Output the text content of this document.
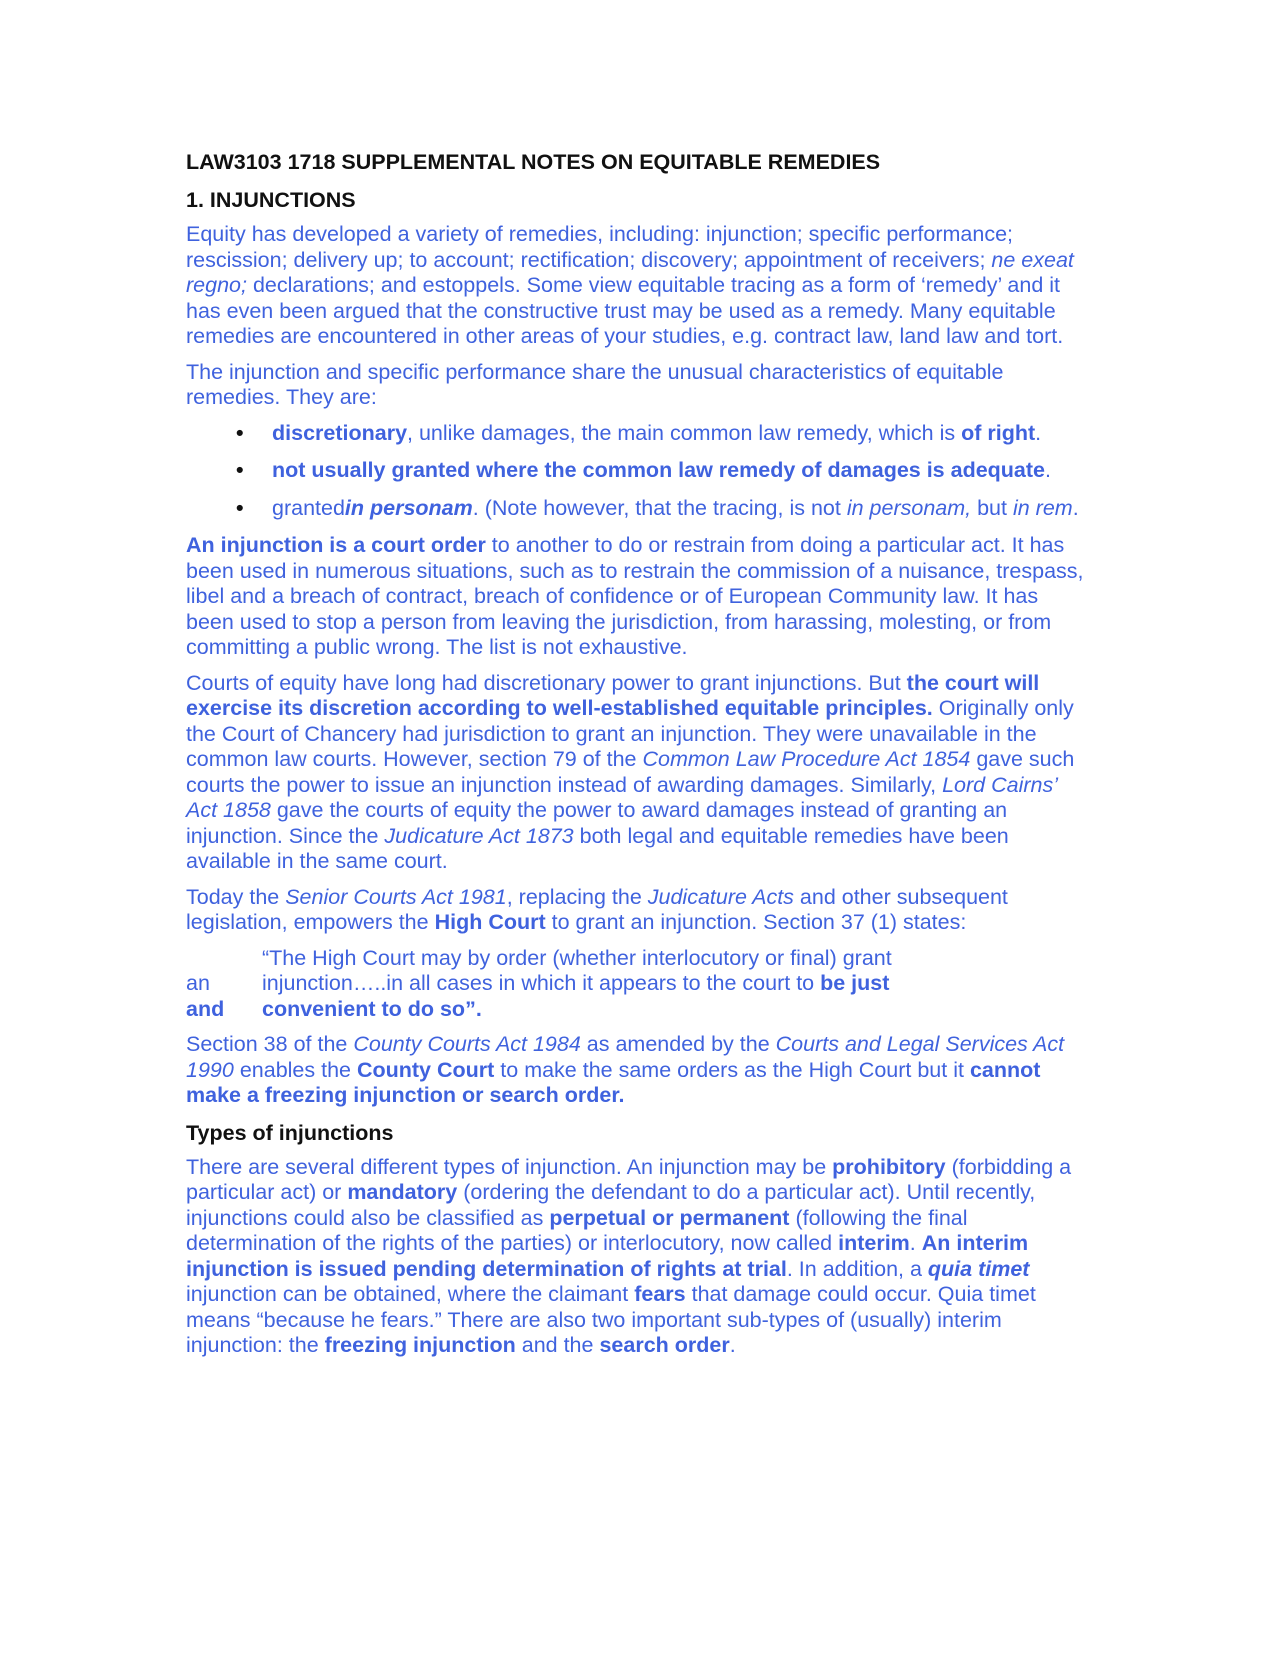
LAW3103 1718 SUPPLEMENTAL NOTES ON EQUITABLE REMEDIES
1. INJUNCTIONS

Equity has developed a variety of remedies, including: injunction; specific performance; rescission; delivery up; to account; rectification; discovery; appointment of receivers; ne exeat regno; declarations; and estoppels. Some view equitable tracing as a form of ‘remedy’ and it has even been argued that the constructive trust may be used as a remedy. Many equitable remedies are encountered in other areas of your studies, e.g. contract law, land law and tort.

The injunction and specific performance share the unusual characteristics of equitable remedies. They are:

• discretionary, unlike damages, the main common law remedy, which is of right.
• not usually granted where the common law remedy of damages is adequate.
• grantedin personam. (Note however, that the tracing, is not in personam, but in rem.

An injunction is a court order to another to do or restrain from doing a particular act. It has been used in numerous situations, such as to restrain the commission of a nuisance, trespass, libel and a breach of contract, breach of confidence or of European Community law. It has been used to stop a person from leaving the jurisdiction, from harassing, molesting, or from committing a public wrong. The list is not exhaustive.

Courts of equity have long had discretionary power to grant injunctions. But the court will exercise its discretion according to well-established equitable principles. Originally only the Court of Chancery had jurisdiction to grant an injunction. They were unavailable in the common law courts. However, section 79 of the Common Law Procedure Act 1854 gave such courts the power to issue an injunction instead of awarding damages. Similarly, Lord Cairns’ Act 1858 gave the courts of equity the power to award damages instead of granting an injunction. Since the Judicature Act 1873 both legal and equitable remedies have been available in the same court.

Today the Senior Courts Act 1981, replacing the Judicature Acts and other subsequent legislation, empowers the High Court to grant an injunction. Section 37 (1) states:

“The High Court may by order (whether interlocutory or final) grant
an injunction…..in all cases in which it appears to the court to be just
and convenient to do so”.

Section 38 of the County Courts Act 1984 as amended by the Courts and Legal Services Act 1990 enables the County Court to make the same orders as the High Court but it cannot make a freezing injunction or search order.

Types of injunctions

There are several different types of injunction. An injunction may be prohibitory (forbidding a particular act) or mandatory (ordering the defendant to do a particular act). Until recently, injunctions could also be classified as perpetual or permanent (following the final determination of the rights of the parties) or interlocutory, now called interim. An interim injunction is issued pending determination of rights at trial. In addition, a quia timet injunction can be obtained, where the claimant fears that damage could occur. Quia timet means “because he fears.” There are also two important sub-types of (usually) interim injunction: the freezing injunction and the search order.
